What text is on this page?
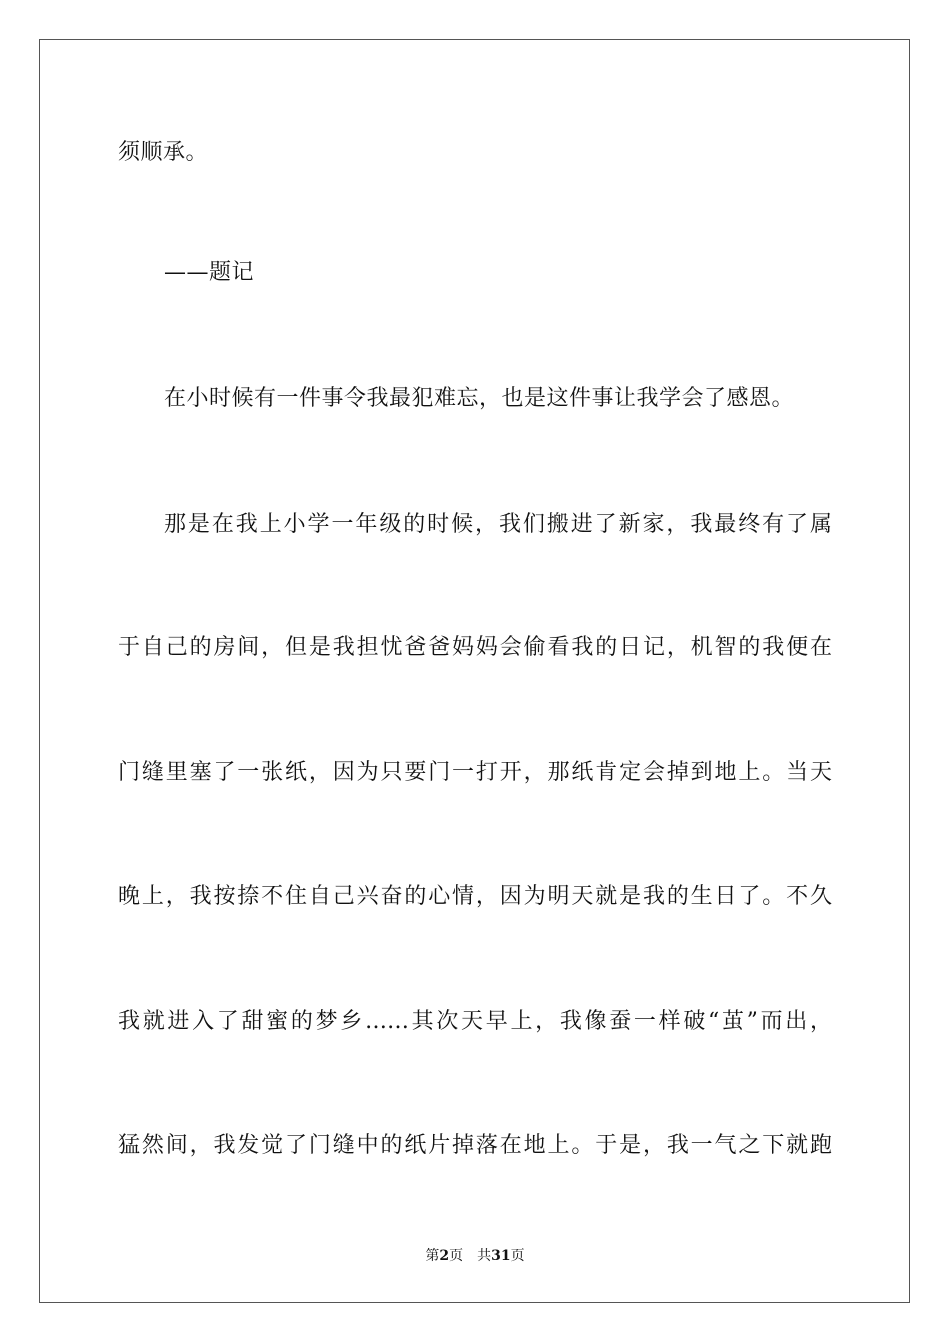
须顺承。
——题记
在小时候有一件事令我最犯难忘，也是这件事让我学会了感恩。
那是在我上小学一年级的时候，我们搬进了新家，我最终有了属
于自己的房间，但是我担忧爸爸妈妈会偷看我的日记，机智的我便在
门缝里塞了一张纸，因为只要门一打开，那纸肯定会掉到地上。当天
晚上，我按捺不住自己兴奋的心情，因为明天就是我的生日了。不久
我就进入了甜蜜的梦乡……其次天早上，我像蚕一样破“茧”而出，
猛然间，我发觉了门缝中的纸片掉落在地上。于是，我一气之下就跑
第2页 共31页
